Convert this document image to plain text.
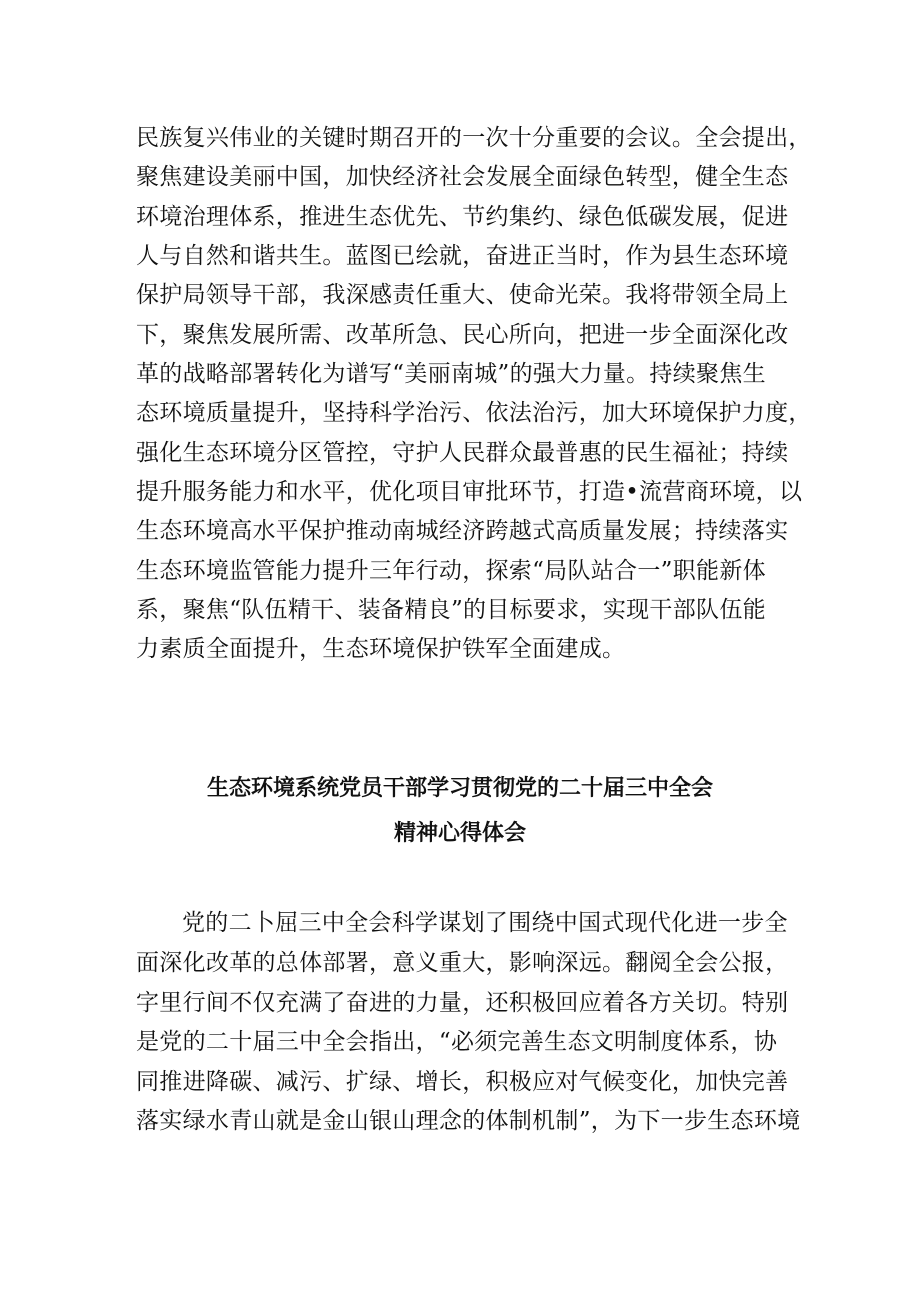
民族复兴伟业的关键时期召开的一次十分重要的会议。全会提出，
聚焦建设美丽中国，加快经济社会发展全面绿色转型，健全生态
环境治理体系，推进生态优先、节约集约、绿色低碳发展，促进
人与自然和谐共生。蓝图已绘就，奋进正当时，作为县生态环境
保护局领导干部，我深感责任重大、使命光荣。我将带领全局上
下，聚焦发展所需、改革所急、民心所向，把进一步全面深化改
革的战略部署转化为谱写“美丽南城”的强大力量。持续聚焦生
态环境质量提升，坚持科学治污、依法治污，加大环境保护力度，
强化生态环境分区管控，守护人民群众最普惠的民生福祉；持续
提升服务能力和水平，优化项目审批环节，打造•流营商环境，以
生态环境高水平保护推动南城经济跨越式高质量发展；持续落实
生态环境监管能力提升三年行动，探索“局队站合一”职能新体
系，聚焦“队伍精干、装备精良”的目标要求，实现干部队伍能
力素质全面提升，生态环境保护铁军全面建成。
生态环境系统党员干部学习贯彻党的二十届三中全会
精神心得体会
党的二卜屈三中全会科学谋划了围绕中国式现代化进一步全
面深化改革的总体部署，意义重大，影响深远。翻阅全会公报，
字里行间不仅充满了奋进的力量，还积极回应着各方关切。特别
是党的二十届三中全会指出，“必须完善生态文明制度体系，协
同推进降碳、减污、扩绿、增长，积极应对气候变化，加快完善
落实绿水青山就是金山银山理念的体制机制”，为下一步生态环境
